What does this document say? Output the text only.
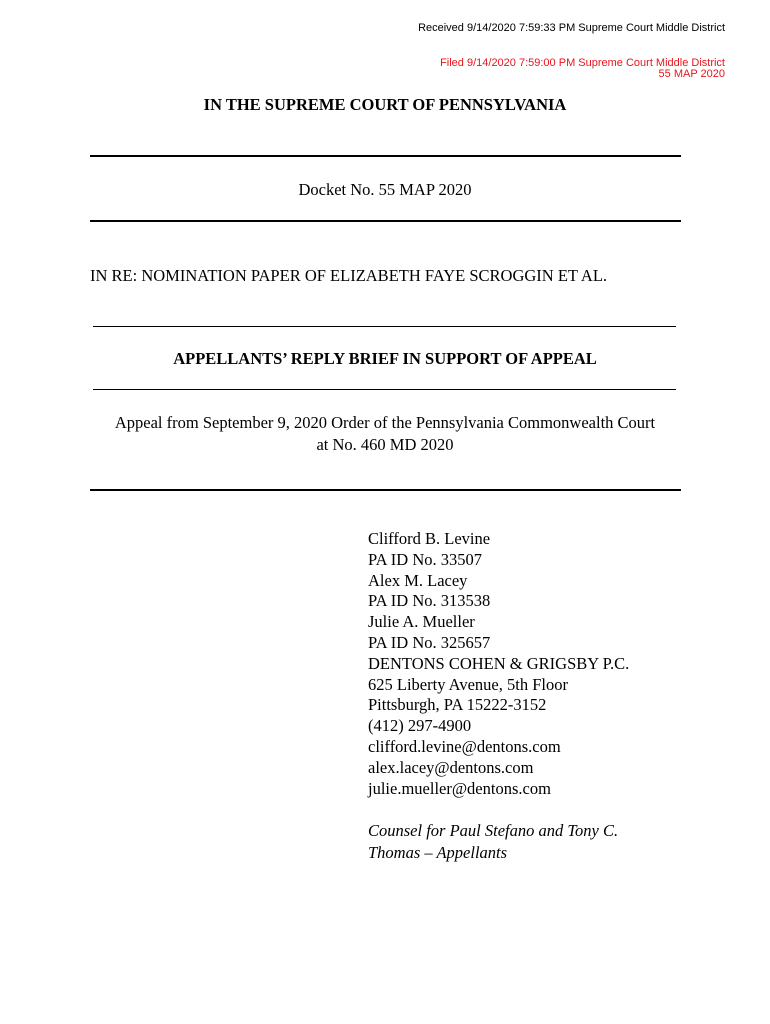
Received 9/14/2020 7:59:33 PM Supreme Court Middle District
Filed 9/14/2020 7:59:00 PM Supreme Court Middle District
55 MAP 2020
IN THE SUPREME COURT OF PENNSYLVANIA
Docket No. 55 MAP 2020
IN RE: NOMINATION PAPER OF ELIZABETH FAYE SCROGGIN ET AL.
APPELLANTS’ REPLY BRIEF IN SUPPORT OF APPEAL
Appeal from September 9, 2020 Order of the Pennsylvania Commonwealth Court
at No. 460 MD 2020
Clifford B. Levine
PA ID No. 33507
Alex M. Lacey
PA ID No. 313538
Julie A. Mueller
PA ID No. 325657
DENTONS COHEN & GRIGSBY P.C.
625 Liberty Avenue, 5th Floor
Pittsburgh, PA 15222-3152
(412) 297-4900
clifford.levine@dentons.com
alex.lacey@dentons.com
julie.mueller@dentons.com
Counsel for Paul Stefano and Tony C.
Thomas – Appellants
